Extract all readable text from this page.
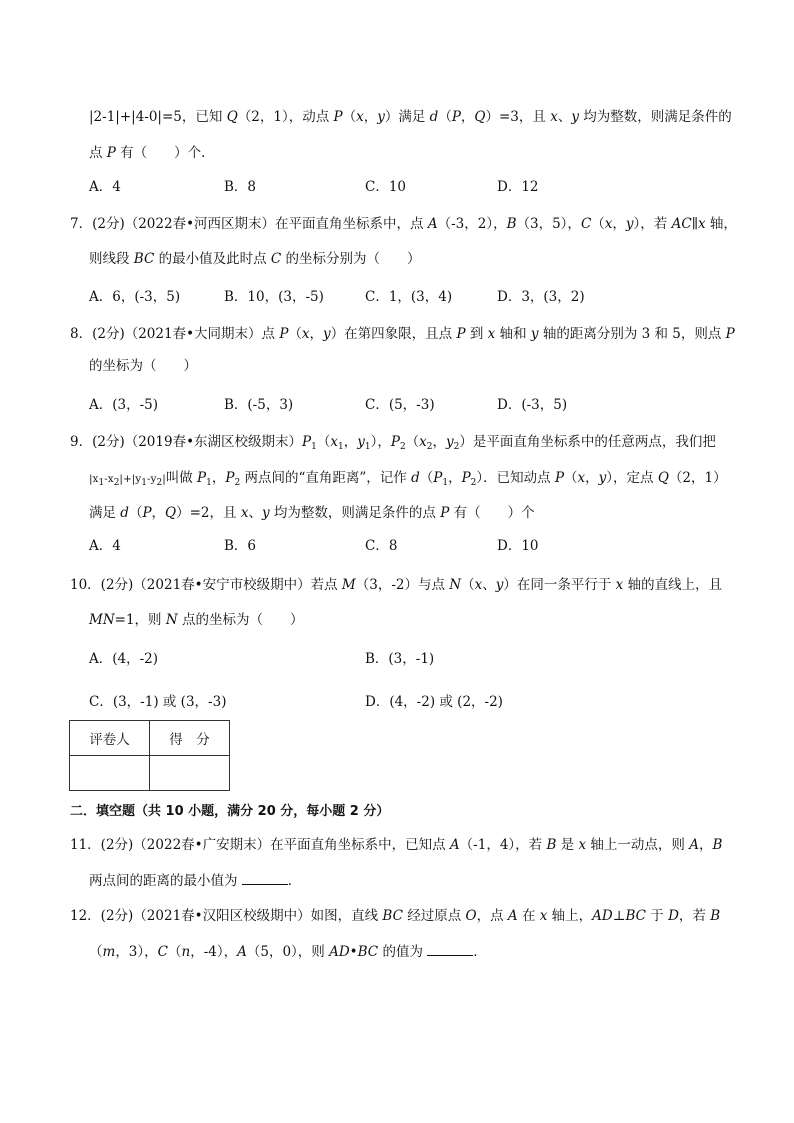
|2-1|+|4-0|=5，已知 Q（2，1），动点 P（x，y）满足 d（P，Q）=3，且 x、y 均为整数，则满足条件的
点 P 有（　　）个．
A．4	B．8	C．10	D．12
7．(2分)（2022春•河西区期末）在平面直角坐标系中，点 A（-3，2），B（3，5），C（x，y），若 AC∥x 轴，
则线段 BC 的最小值及此时点 C 的坐标分别为（　　）
A．6，(-3，5)	B．10，(3，-5)	C．1，(3，4)	D．3，(3，2)
8．(2分)（2021春•大同期末）点 P（x，y）在第四象限，且点 P 到 x 轴和 y 轴的距离分别为 3 和 5，则点 P
的坐标为（　　）
A．(3，-5)	B．(-5，3)	C．(5，-3)	D．(-3，5)
9．(2分)（2019春•东湖区校级期末）$P_1(x_1$，$y_1$），$P_2(x_2$，$y_2$）是平面直角坐标系中的任意两点，我们把
$|x_1-x_2|+|y_1-y_2|$叫做 $P_1$，$P_2$ 两点间的“直角距离”，记作 $d(P_1$，$P_2$）．已知动点 P（x，y），定点 Q（2，1）
满足 d（P，Q）=2，且 x、y 均为整数，则满足条件的点 P 有（　　）个
A．4	B．6	C．8	D．10
10．(2分)（2021春•安宁市校级期中）若点 M（3，-2）与点 N（x、y）在同一条平行于 x 轴的直线上，且
MN=1，则 N 点的坐标为（　　）
A．(4，-2)	B．(3，-1)
C．(3，-1) 或 (3，-3)	D．(4，-2) 或 (2，-2)
评卷人	得　分

二．填空题（共 10 小题，满分 20 分，每小题 2 分）
11．(2分)（2022春•广安期末）在平面直角坐标系中，已知点 A（-1，4），若 B 是 x 轴上一动点，则 A，B
两点间的距离的最小值为	．
12．(2分)（2021春•汉阳区校级期中）如图，直线 BC 经过原点 O，点 A 在 x 轴上，AD⊥BC 于 D，若 B
（m，3），C（n，-4），A（5，0），则 AD•BC 的值为	．
